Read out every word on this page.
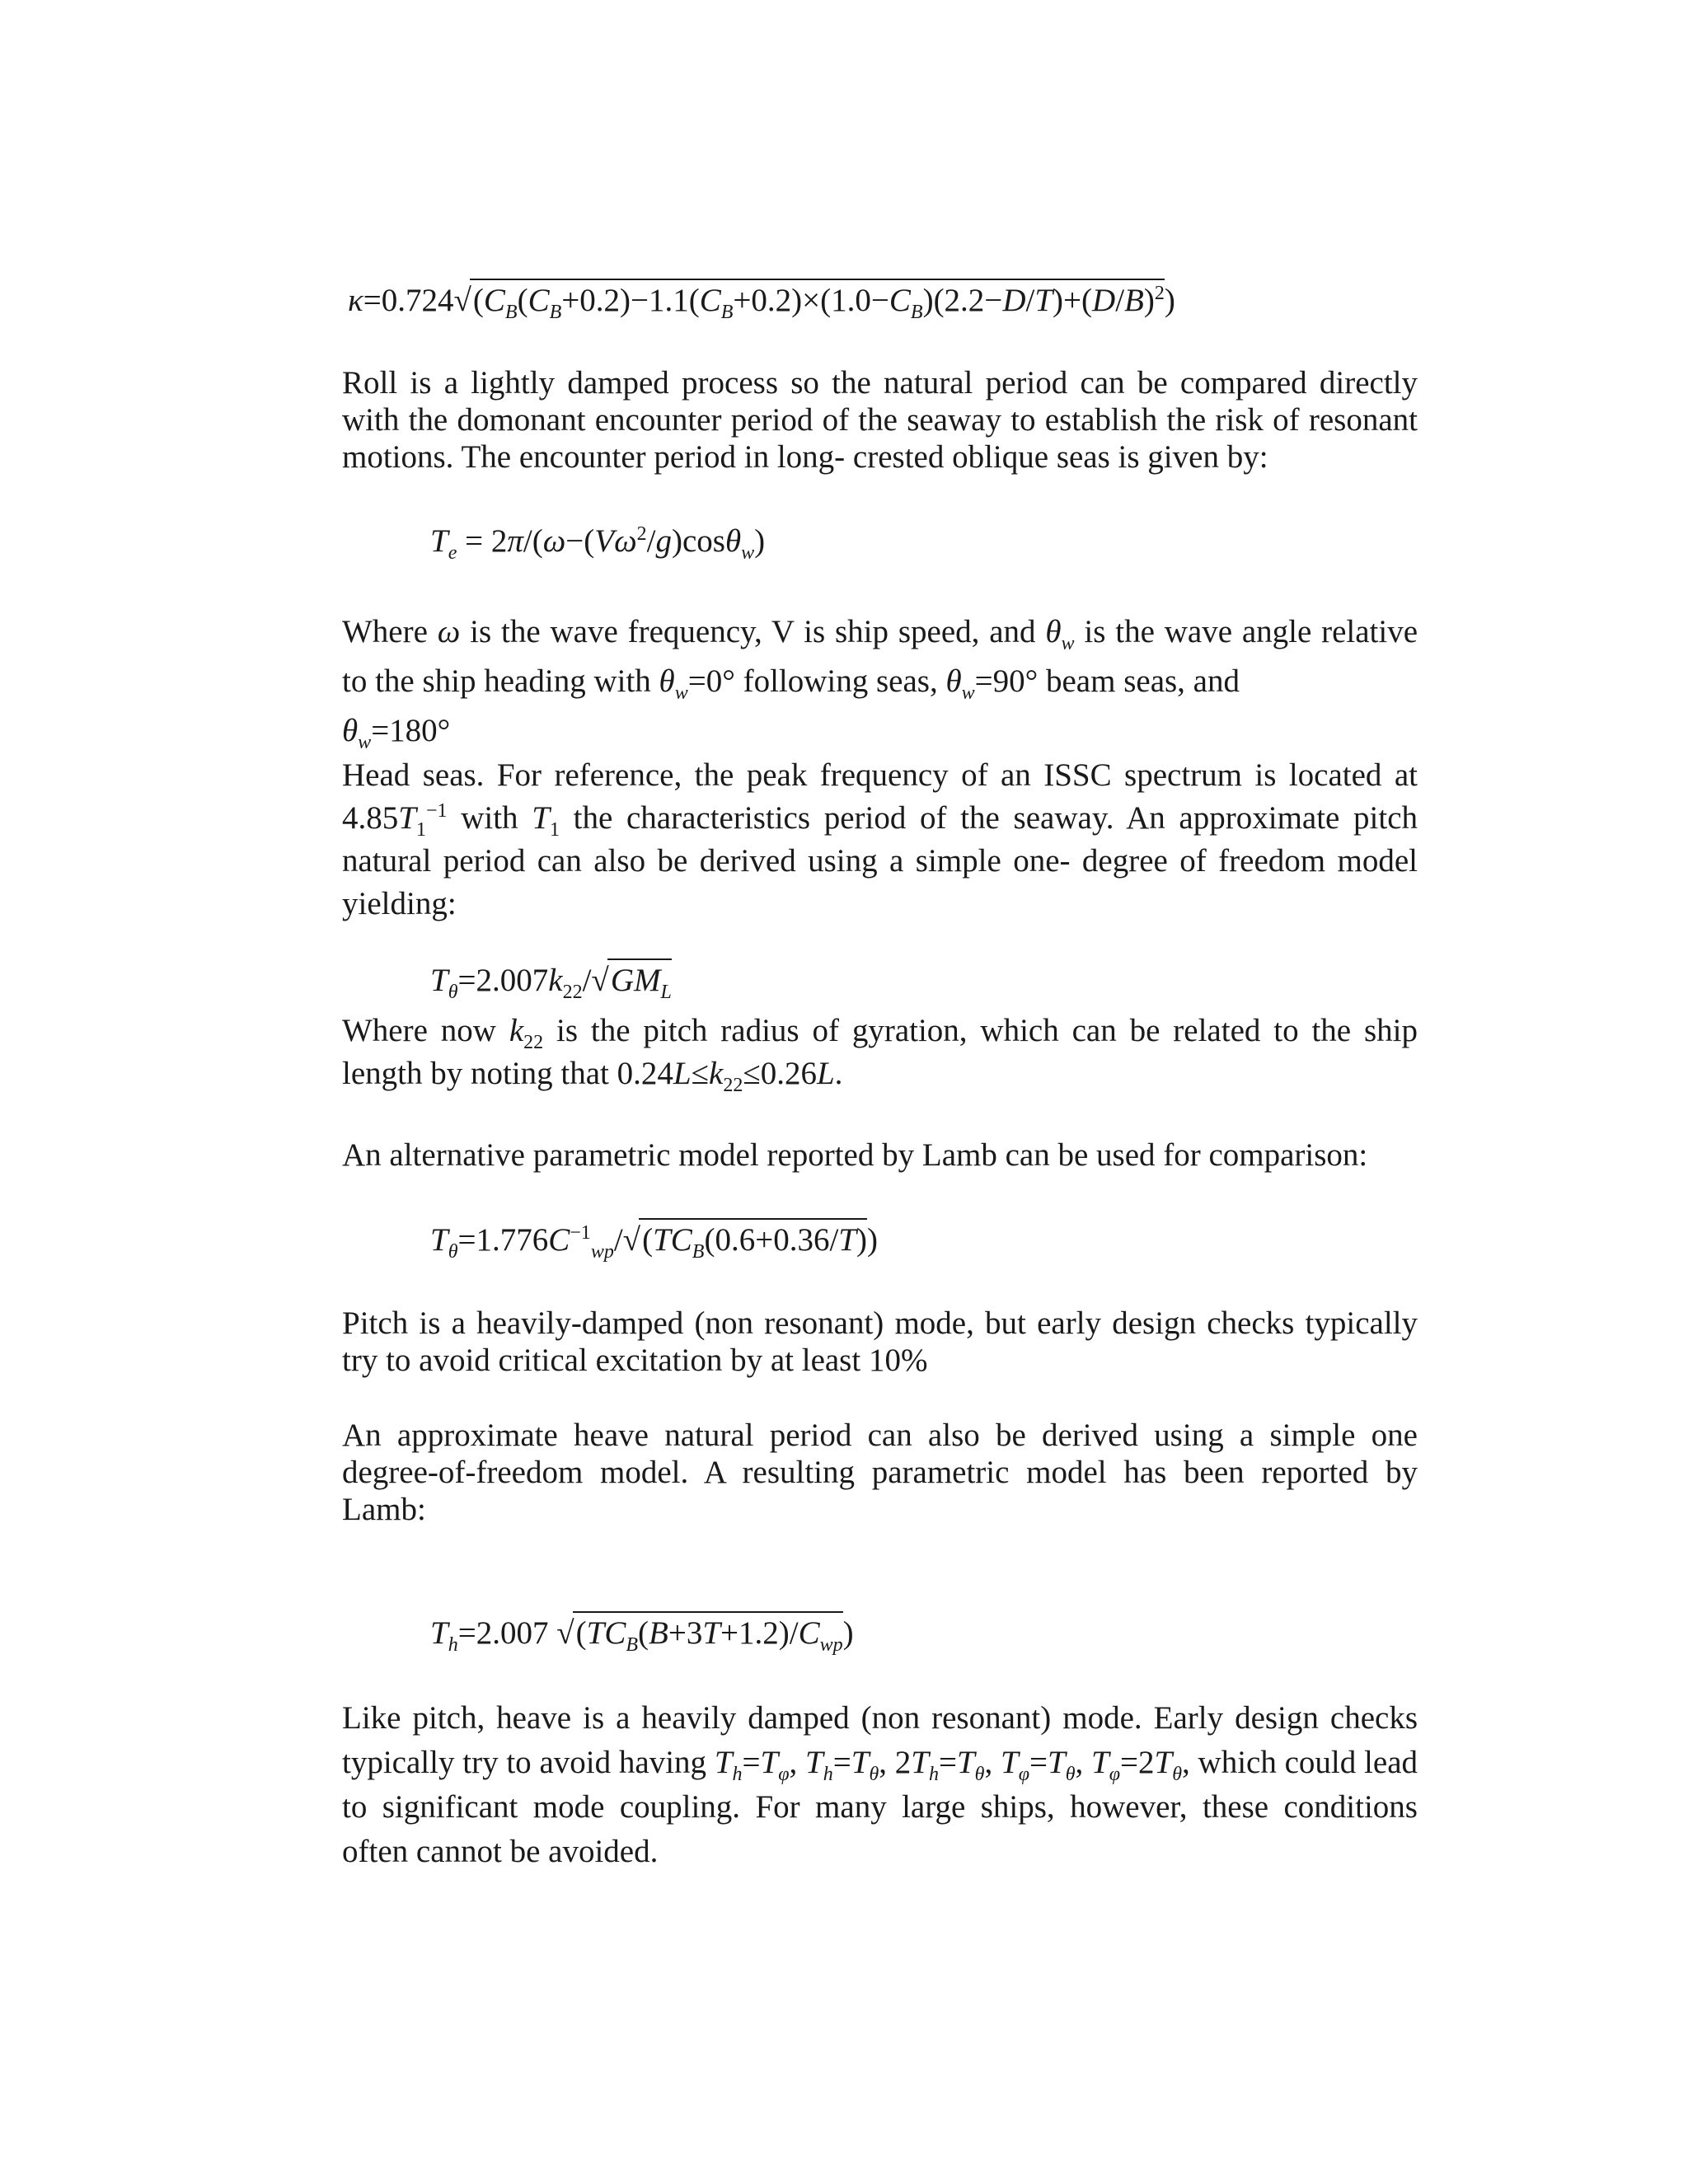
$\kappa=0.724√(C_B(C_B+0.2)-1.1(C_B+0.2)\times(1.0-C_B)(2.2-D/T)+(D/B)^2)$
Roll is a lightly damped process so the natural period can be compared directly with the domonant encounter period of the seaway to establish the risk of resonant motions. The encounter period in long- crested oblique seas is given by:
$T_e = 2\pi/(\omega-(V\omega^2/g)\cos\theta_w)$
Where ω is the wave frequency, V is ship speed, and $\theta_w$ is the wave angle relative to the ship heading with $\theta_w=0^\circ$ following seas, $\theta_w=90^\circ$ beam seas, and
$\theta_w=180^\circ$
Head seas. For reference, the peak frequency of an ISSC spectrum is located at $4.85T_1^{-1}$ with $T_1$ the characteristics period of the seaway. An approximate pitch natural period can also be derived using a simple one- degree of freedom model yielding:
$T_\theta=2.007k_{22}/√GM_L$
Where now $k_{22}$ is the pitch radius of gyration, which can be related to the ship length by noting that $0.24L\le k_{22}\le 0.26L$.
An alternative parametric model reported by Lamb can be used for comparison:
$T_\theta=1.776C^{-1}_{wp}/√(TC_B(0.6+0.36/T))$
Pitch is a heavily-damped (non resonant) mode, but early design checks typically try to avoid critical excitation by at least 10%
An approximate heave natural period can also be derived using a simple one degree-of-freedom model. A resulting parametric model has been reported by Lamb:
$T_h=2.007$ $√(TC_B(B+3T+1.2)/C_{wp})$
Like pitch, heave is a heavily damped (non resonant) mode. Early design checks typically try to avoid having $T_h=T_\varphi$, $T_h=T_\theta$, $2T_h=T_\theta$, $T_\varphi=T_\theta$, $T_\varphi=2T_\theta$, which could lead to significant mode coupling. For many large ships, however, these conditions often cannot be avoided.
